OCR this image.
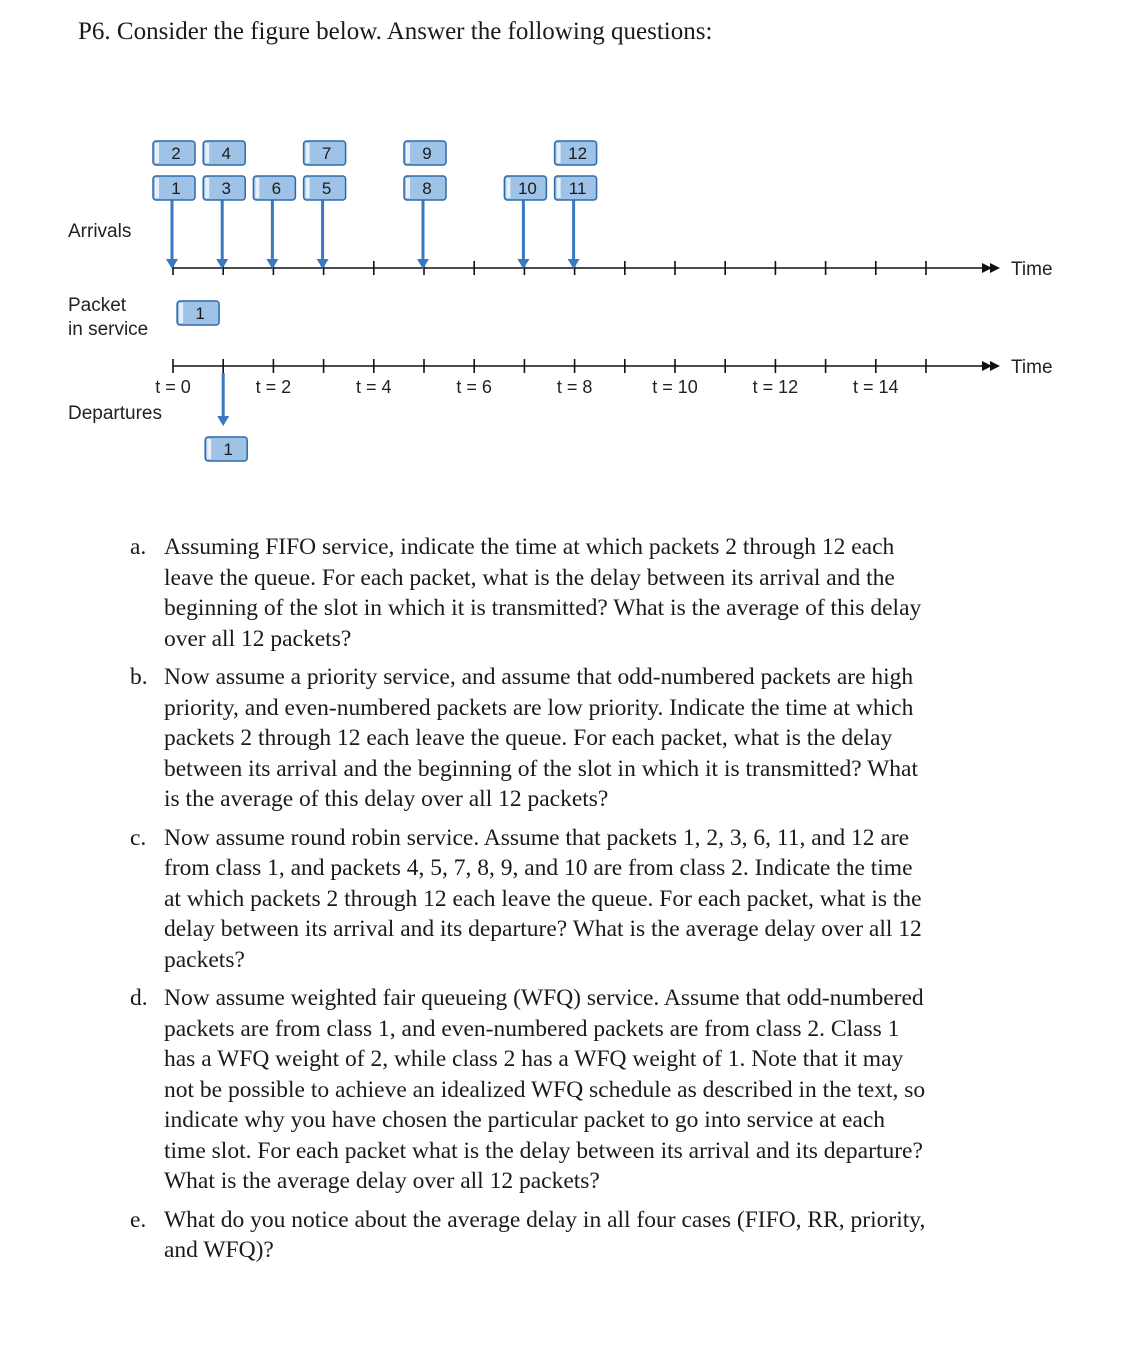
P6. Consider the figure below. Answer the following questions:
Arrivals
Packet
in service
Departures
Time
Time
t = 0	t = 2	t = 4	t = 6	t = 8	t = 10	t = 12	t = 14
1
2
3
4
6 5
7
8
9
10 11
12
1
1
a. Assuming FIFO service, indicate the time at which packets 2 through 12 each leave the queue. For each packet, what is the delay between its arrival and the beginning of the slot in which it is transmitted? What is the average of this delay over all 12 packets?
b. Now assume a priority service, and assume that odd-numbered packets are high priority, and even-numbered packets are low priority. Indicate the time at which packets 2 through 12 each leave the queue. For each packet, what is the delay between its arrival and the beginning of the slot in which it is transmitted? What is the average of this delay over all 12 packets?
c. Now assume round robin service. Assume that packets 1, 2, 3, 6, 11, and 12 are from class 1, and packets 4, 5, 7, 8, 9, and 10 are from class 2. Indicate the time at which packets 2 through 12 each leave the queue. For each packet, what is the delay between its arrival and its departure? What is the average delay over all 12 packets?
d. Now assume weighted fair queueing (WFQ) service. Assume that odd-numbered packets are from class 1, and even-numbered packets are from class 2. Class 1 has a WFQ weight of 2, while class 2 has a WFQ weight of 1. Note that it may not be possible to achieve an idealized WFQ schedule as described in the text, so indicate why you have chosen the particular packet to go into service at each time slot. For each packet what is the delay between its arrival and its departure? What is the average delay over all 12 packets?
e. What do you notice about the average delay in all four cases (FIFO, RR, priority, and WFQ)?
